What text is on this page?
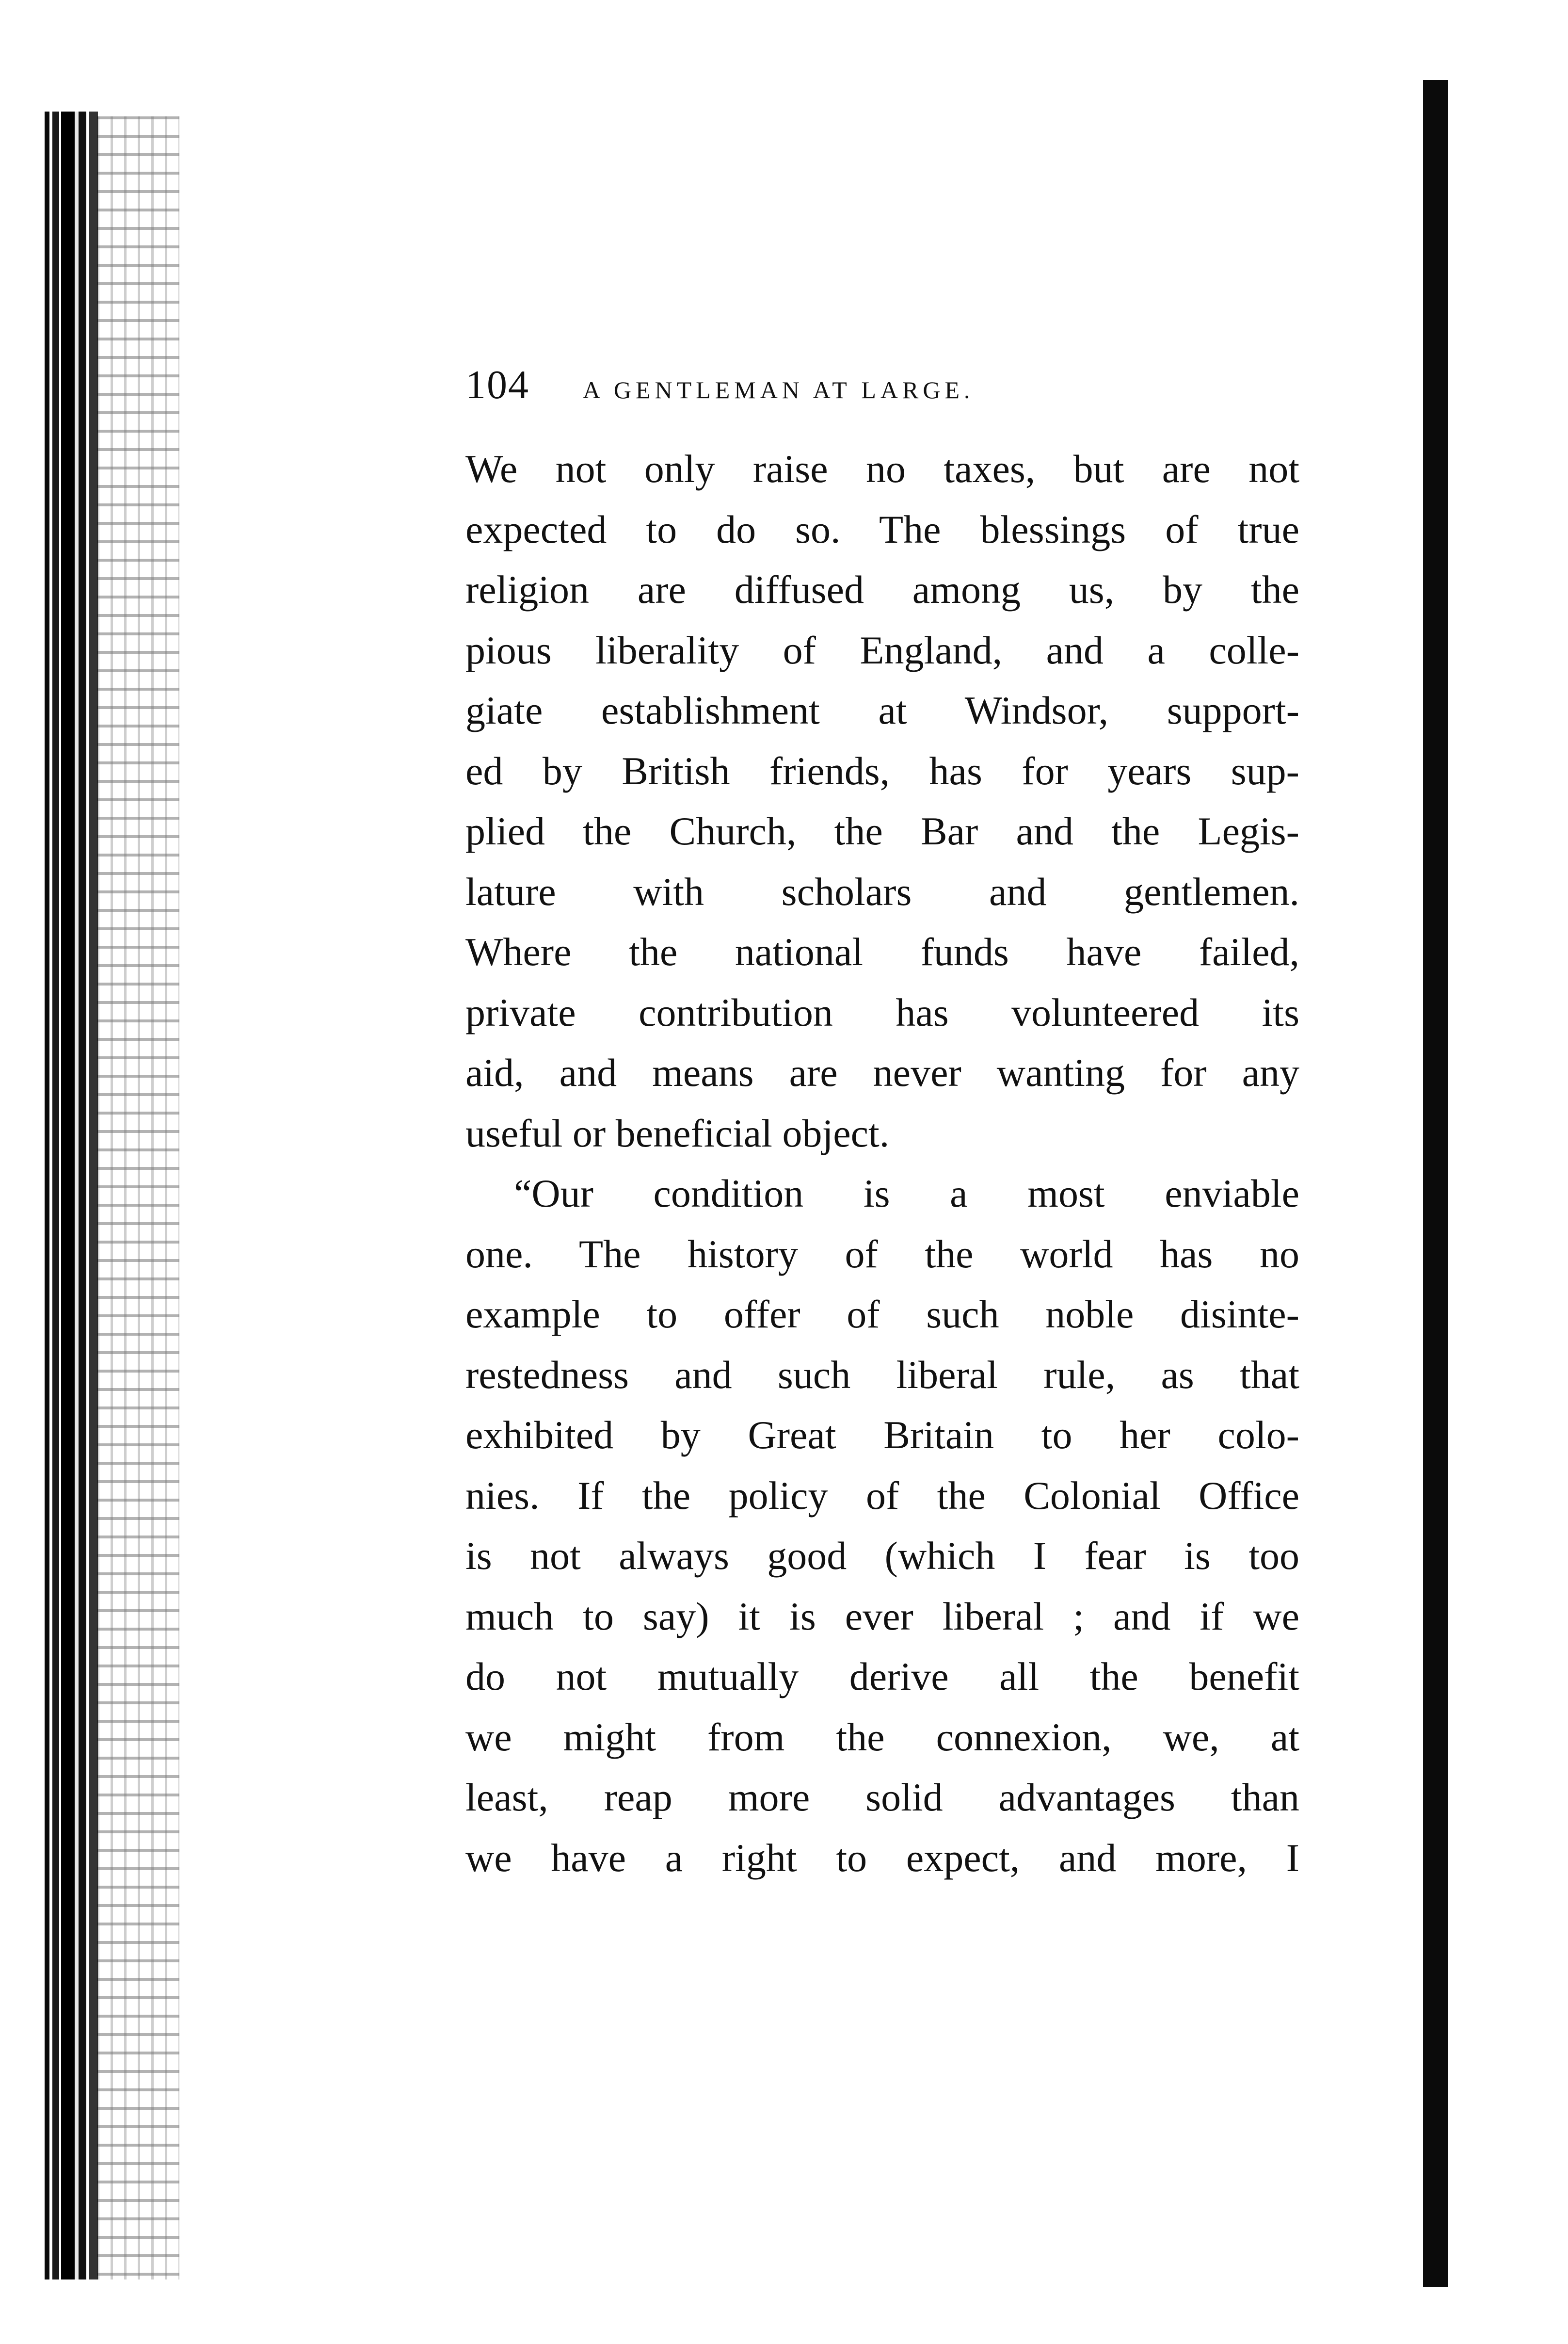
104 A GENTLEMAN AT LARGE.
We not only raise no taxes, but are not
expected to do so. The blessings of true
religion are diffused among us, by the
pious liberality of England, and a colle-
giate establishment at Windsor, support-
ed by British friends, has for years sup-
plied the Church, the Bar and the Legis-
lature with scholars and gentlemen.
Where the national funds have failed,
private contribution has volunteered its
aid, and means are never wanting for any
useful or beneficial object.
“Our condition is a most enviable
one. The history of the world has no
example to offer of such noble disinte-
restedness and such liberal rule, as that
exhibited by Great Britain to her colo-
nies. If the policy of the Colonial Office
is not always good (which I fear is too
much to say) it is ever liberal ; and if we
do not mutually derive all the benefit
we might from the connexion, we, at
least, reap more solid advantages than
we have a right to expect, and more, I
